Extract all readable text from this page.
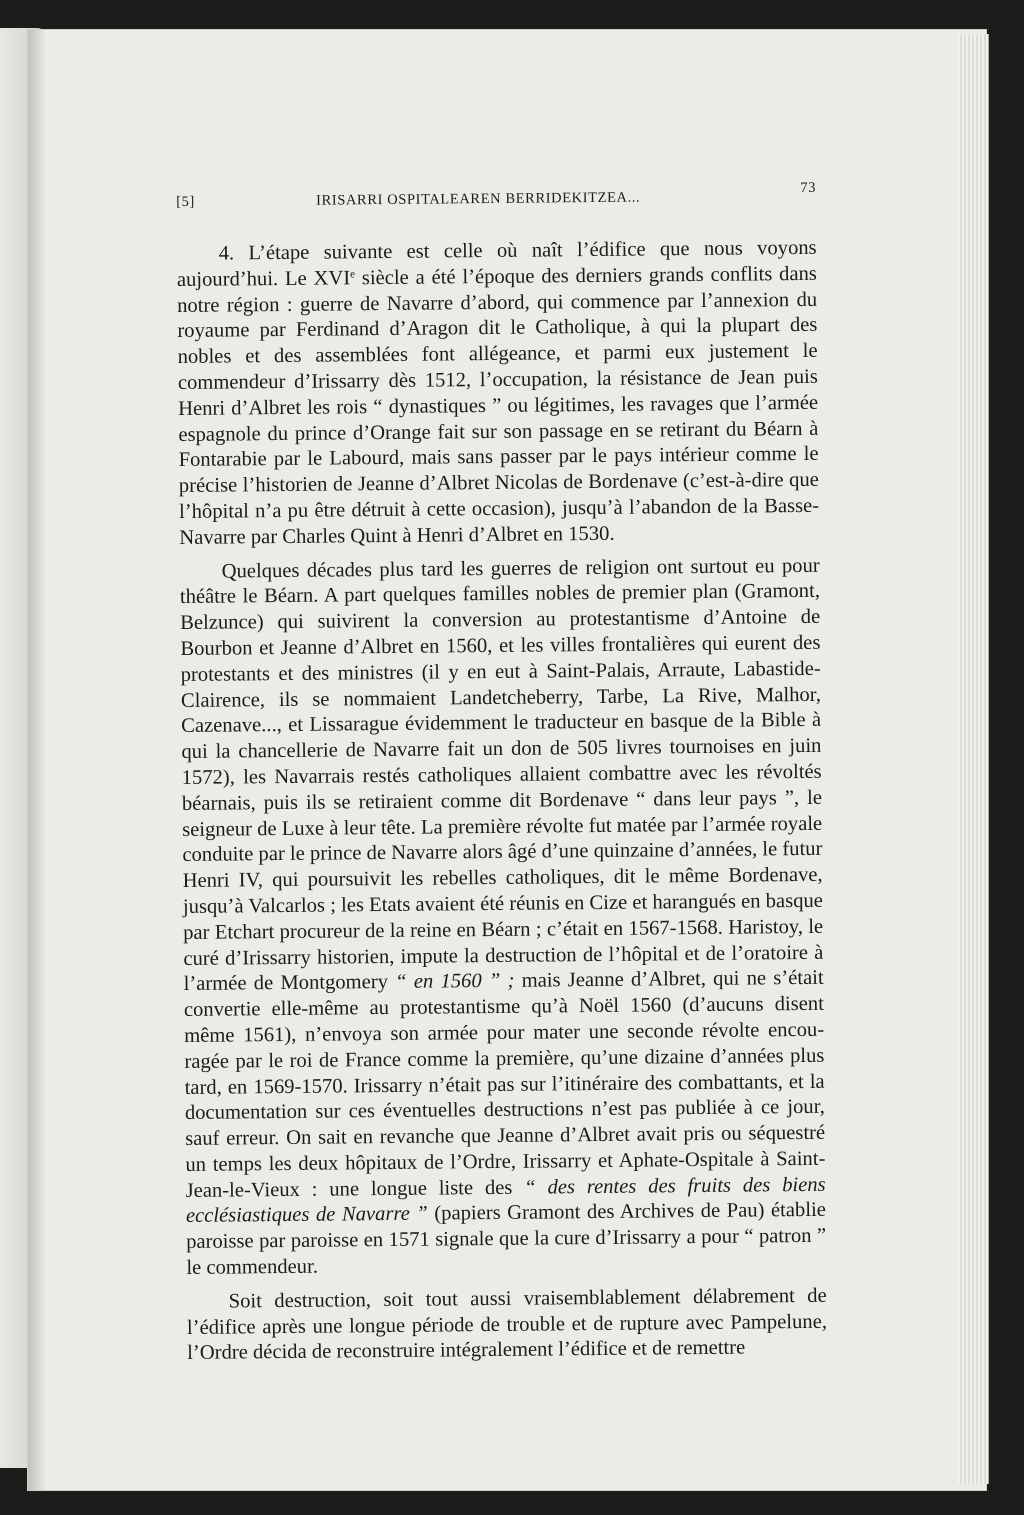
[5]	IRISARRI OSPITALEAREN BERRIDEKITZEA...
73

4. L’étape suivante est celle où naît l’édifice que nous voyons aujourd’hui. Le XVIe siècle a été l’époque des derniers grands conflits dans notre région : guerre de Navarre d’abord, qui commence par l’annexion du royaume par Ferdinand d’Aragon dit le Catholique, à qui la plupart des nobles et des assemblées font allégeance, et parmi eux justement le commendeur d’Irissarry dès 1512, l’occupation, la résistance de Jean puis Henri d’Albret les rois “ dynastiques ” ou légitimes, les ravages que l’armée espagnole du prince d’Orange fait sur son passage en se retirant du Béarn à Fontarabie par le Labourd, mais sans passer par le pays intérieur comme le précise l’historien de Jeanne d’Albret Nicolas de Bordenave (c’est-à-dire que l’hôpital n’a pu être détruit à cette occasion), jusqu’à l’abandon de la Basse-Navarre par Charles Quint à Henri d’Albret en 1530.

Quelques décades plus tard les guerres de religion ont surtout eu pour théâtre le Béarn. A part quelques familles nobles de premier plan (Gramont, Belzunce) qui suivirent la conversion au protestantisme d’Antoine de Bourbon et Jeanne d’Albret en 1560, et les villes frontalières qui eurent des protestants et des ministres (il y en eut à Saint-Palais, Arraute, Labastide-Clairence, ils se nommaient Landetcheberry, Tarbe, La Rive, Malhor, Cazenave..., et Lissarague évidemment le traducteur en basque de la Bible à qui la chancellerie de Navarre fait un don de 505 livres tournoises en juin 1572), les Navarrais restés catholiques allaient combattre avec les révoltés béarnais, puis ils se retiraient comme dit Bordenave “ dans leur pays ”, le seigneur de Luxe à leur tête. La première révolte fut matée par l’armée royale conduite par le prince de Navarre alors âgé d’une quinzaine d’années, le futur Henri IV, qui poursuivit les rebelles catholiques, dit le même Bordenave, jusqu’à Valcarlos ; les Etats avaient été réunis en Cize et harangués en basque par Etchart procureur de la reine en Béarn ; c’était en 1567-1568. Haristoy, le curé d’Irissarry historien, impute la destruction de l’hôpital et de l’oratoire à l’armée de Montgomery “ en 1560 ” ; mais Jeanne d’Albret, qui ne s’était convertie elle-même au protestantisme qu’à Noël 1560 (d’aucuns disent même 1561), n’envoya son armée pour mater une seconde révolte encouragée par le roi de France comme la première, qu’une dizaine d’années plus tard, en 1569-1570. Irissarry n’était pas sur l’itinéraire des combattants, et la documentation sur ces éventuelles destructions n’est pas publiée à ce jour, sauf erreur. On sait en revanche que Jeanne d’Albret avait pris ou séquestré un temps les deux hôpitaux de l’Ordre, Irissarry et Aphate-Ospitale à Saint-Jean-le-Vieux : une longue liste des “ des rentes des fruits des biens ecclésiastiques de Navarre ” (papiers Gramont des Archives de Pau) établie paroisse par paroisse en 1571 signale que la cure d’Irissarry a pour “ patron ” le commendeur.

Soit destruction, soit tout aussi vraisemblablement délabrement de l’édifice après une longue période de trouble et de rupture avec Pampelune, l’Ordre décida de reconstruire intégralement l’édifice et de remettre
